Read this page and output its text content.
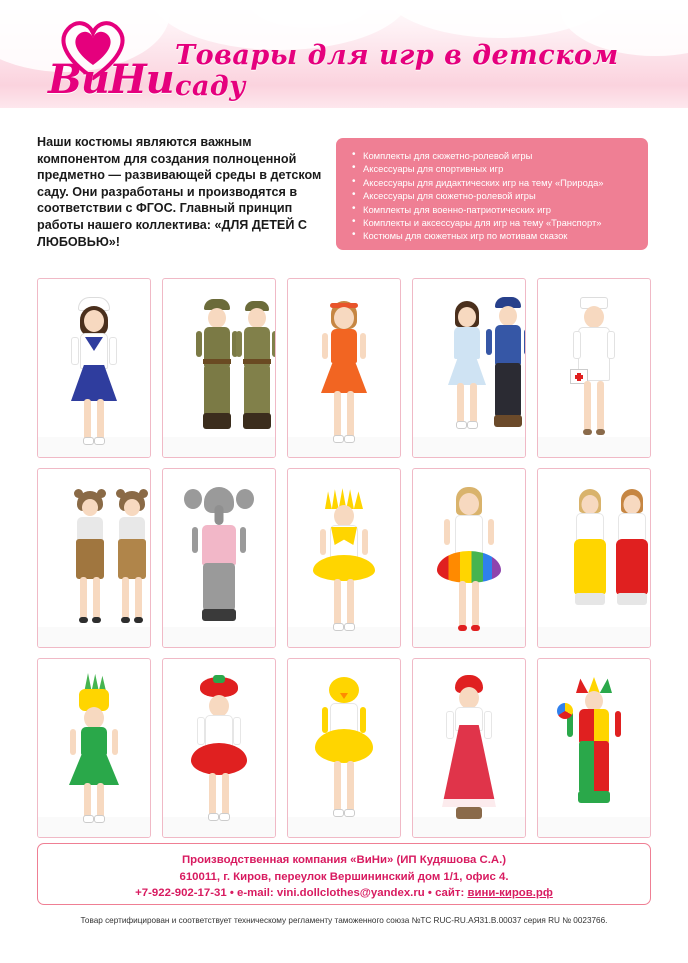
ВиНи
Товары для игр в детском саду
Наши костюмы являются важным компонентом для создания полноценной предметно — развивающей среды в детском саду. Они разработаны и производятся в соответствии с ФГОС. Главный принцип работы нашего коллектива: «ДЛЯ ДЕТЕЙ С ЛЮБОВЬЮ»!
• Комплекты для сюжетно-ролевой игры
• Аксессуары для спортивных игр
• Аксессуары для дидактических игр на тему «Природа»
• Аксессуары для сюжетно-ролевой игры
• Комплекты для военно-патриотических игр
• Комплекты и аксессуары для игр на тему «Транспорт»
• Костюмы для сюжетных игр по мотивам сказок
Производственная компания «ВиНи» (ИП Кудяшова С.А.)
610011, г. Киров, переулок Вершининский дом 1/1, офис 4.
+7-922-902-17-31 • e-mail: vini.dollclothes@yandex.ru • сайт: вини-киров.рф
Товар сертифицирован и соответствует техническому регламенту таможенного союза №ТС RUC-RU.АЯ31.В.00037 серия RU № 0023766.
